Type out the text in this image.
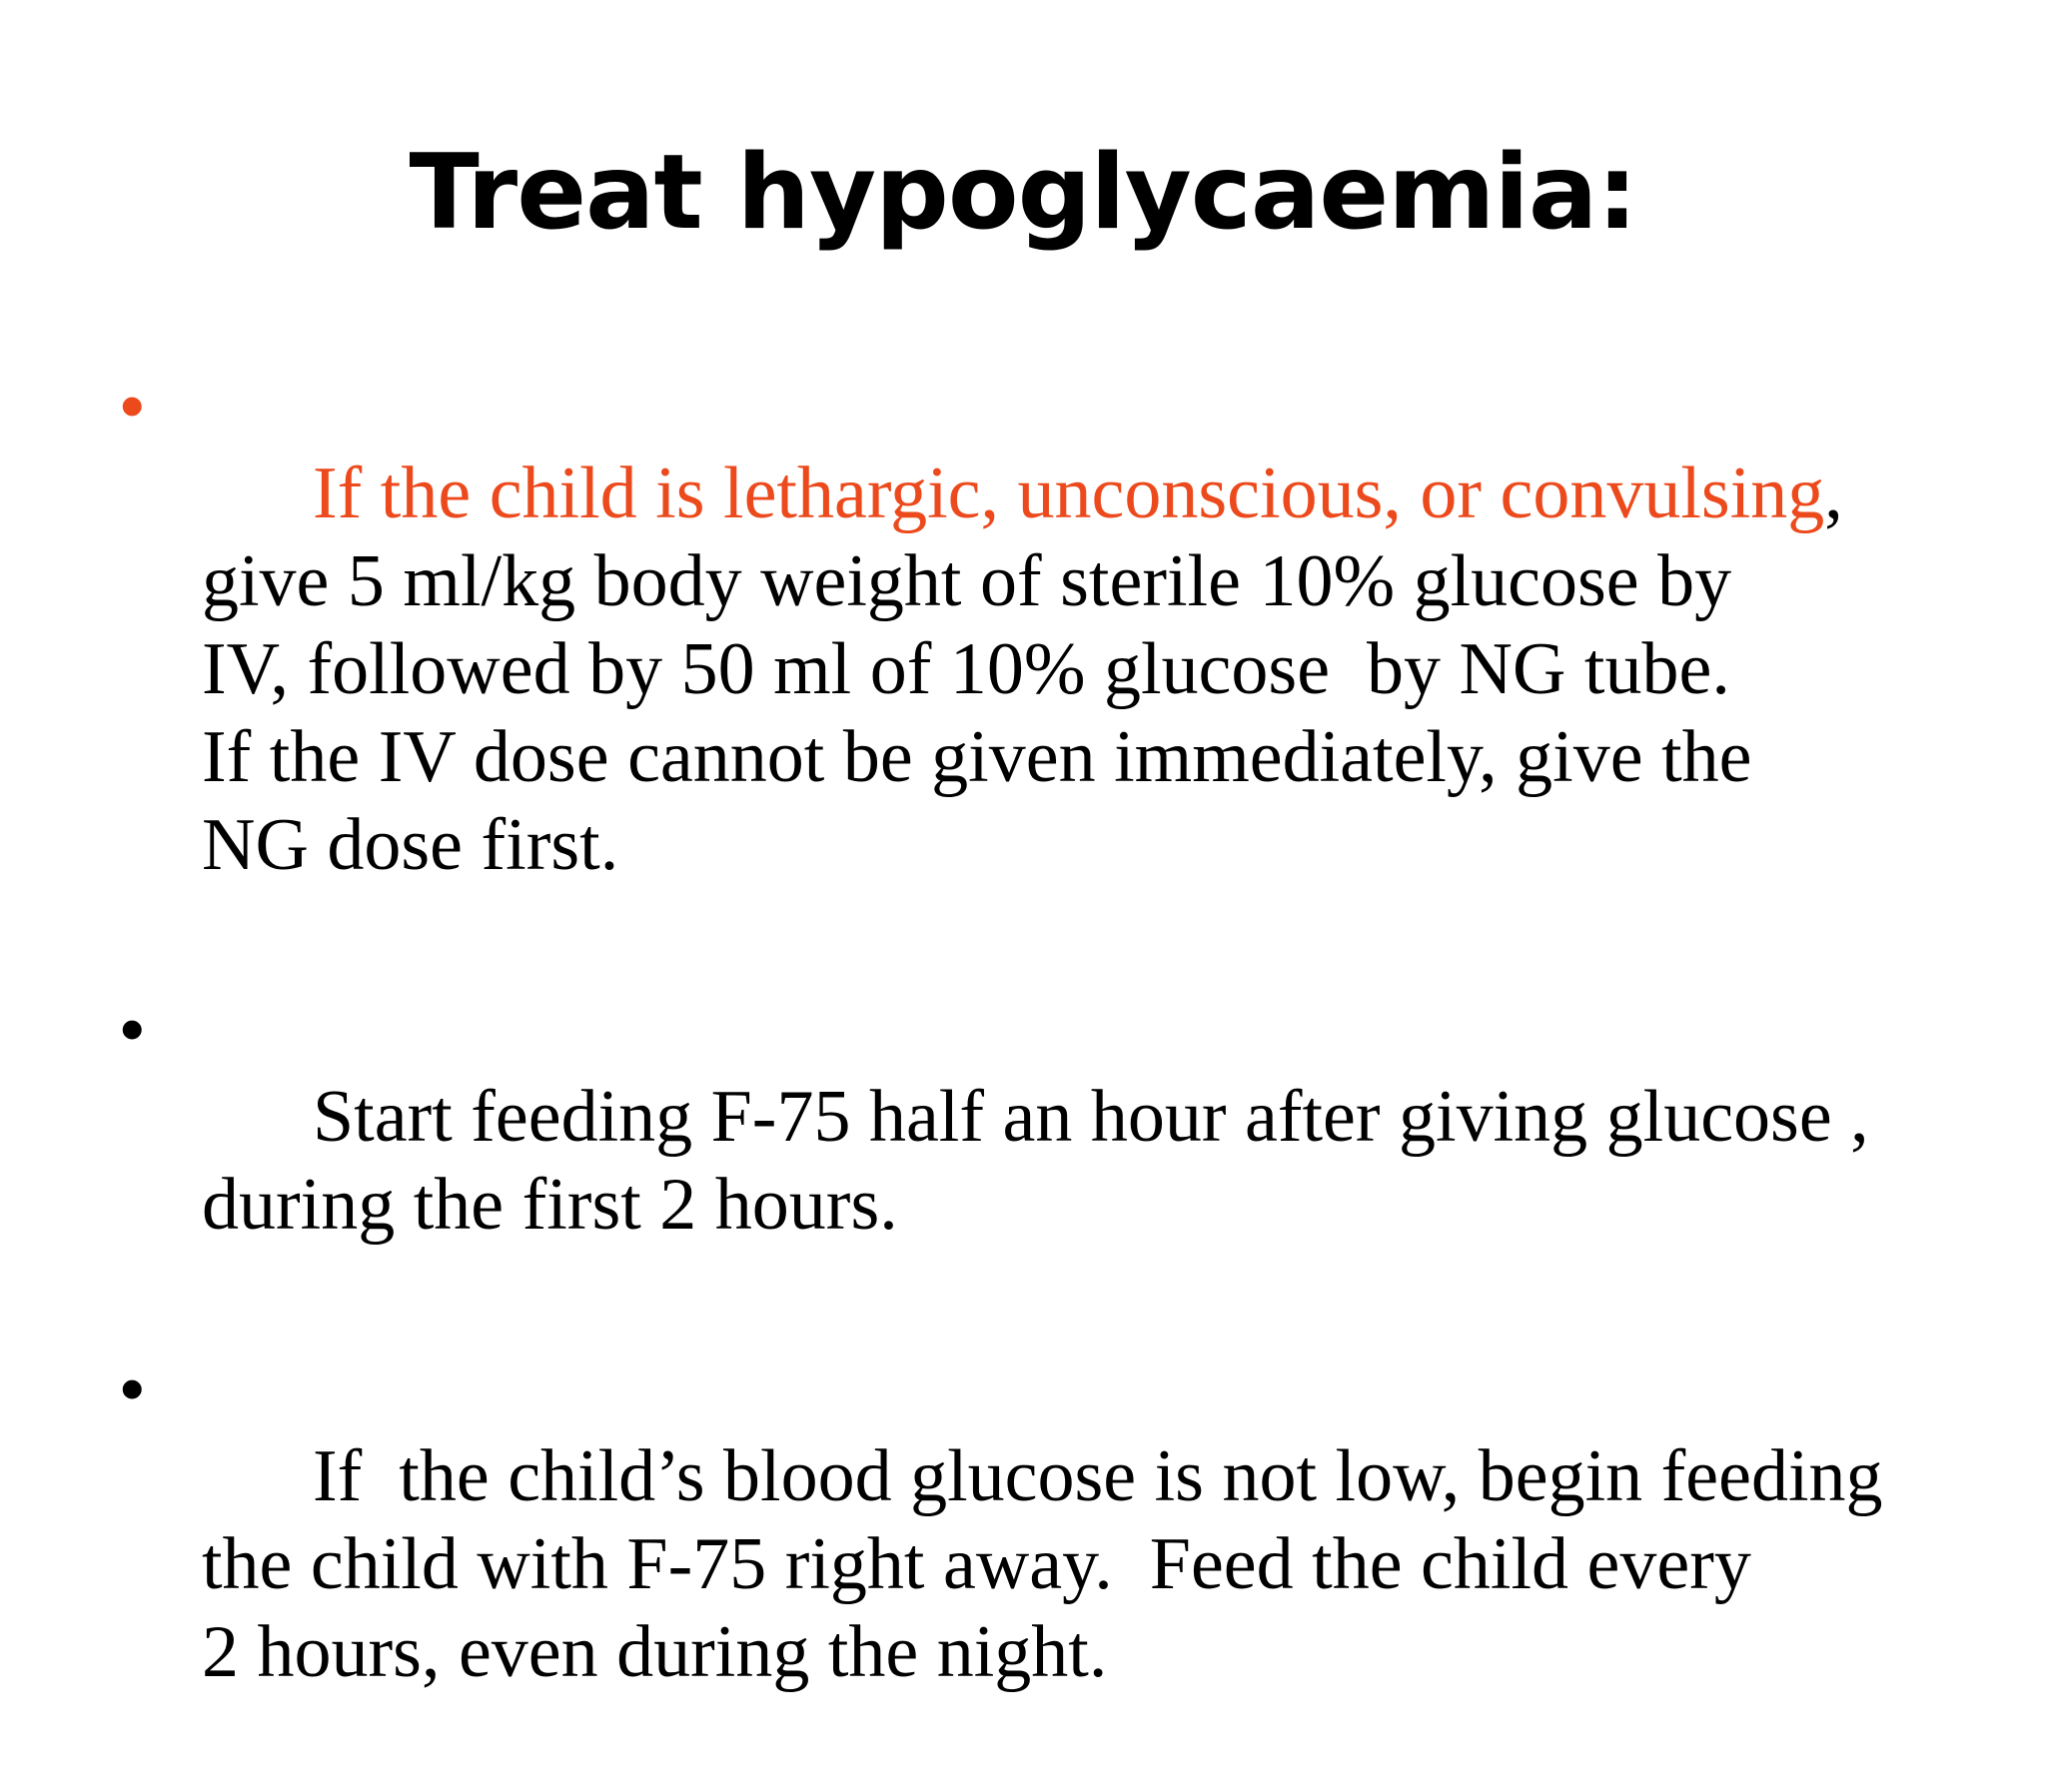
Treat hypoglycaemia:

•
If the child is lethargic, unconscious, or convulsing,
give 5 ml/kg body weight of sterile 10% glucose by
IV, followed by 50 ml of 10% glucose  by NG tube.
If the IV dose cannot be given immediately, give the
NG dose first.

•
Start feeding F-75 half an hour after giving glucose ,
during the first 2 hours.

•
If  the child’s blood glucose is not low, begin feeding
the child with F-75 right away.  Feed the child every
2 hours, even during the night.
